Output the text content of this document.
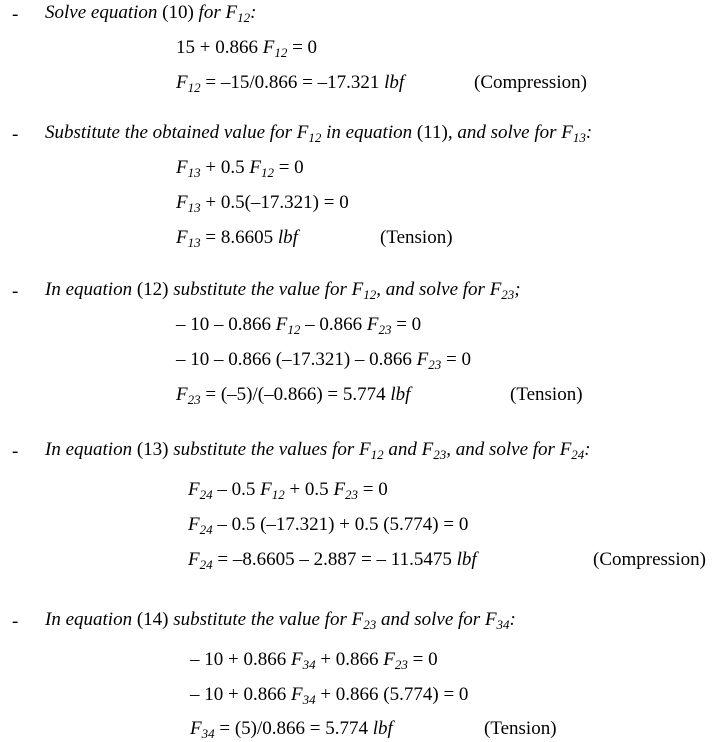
- Solve equation (10) for $F_{12}$:
15 + 0.866 $F_{12} = 0$
$F_{12} = -15/0.866 = -17.321$ lbf	(Compression)
- Substitute the obtained value for $F_{12}$ in equation (11), and solve for $F_{13}$:
$F_{13} + 0.5$ $F_{12} = 0$
$F_{13} + 0.5(-17.321) = 0$
$F_{13} = 8.6605$ lbf	(Tension)
- In equation (12) substitute the value for $F_{12}$, and solve for $F_{23}$;
– 10 – 0.866 $F_{12} - 0.866$ $F_{23} = 0$
– 10 – 0.866 (–17.321) – 0.866 $F_{23} = 0$
$F_{23} = (-5)/(-0.866) = 5.774$ lbf	(Tension)
- In equation (13) substitute the values for $F_{12}$ and $F_{23}$, and solve for $F_{24}$:
$F_{24} - 0.5$ $F_{12} + 0.5$ $F_{23} = 0$
$F_{24} - 0.5$ (–17.321) + 0.5 (5.774) = 0
$F_{24} = -8.6605 - 2.887$ = – 11.5475 lbf	(Compression)
- In equation (14) substitute the value for $F_{23}$ and solve for $F_{34}$:
– 10 + 0.866 $F_{34} + 0.866$ $F_{23} = 0$
– 10 + 0.866 $F_{34} + 0.866$ (5.774) = 0
$F_{34} = (5)/0.866 = 5.774$ lbf	(Tension)
